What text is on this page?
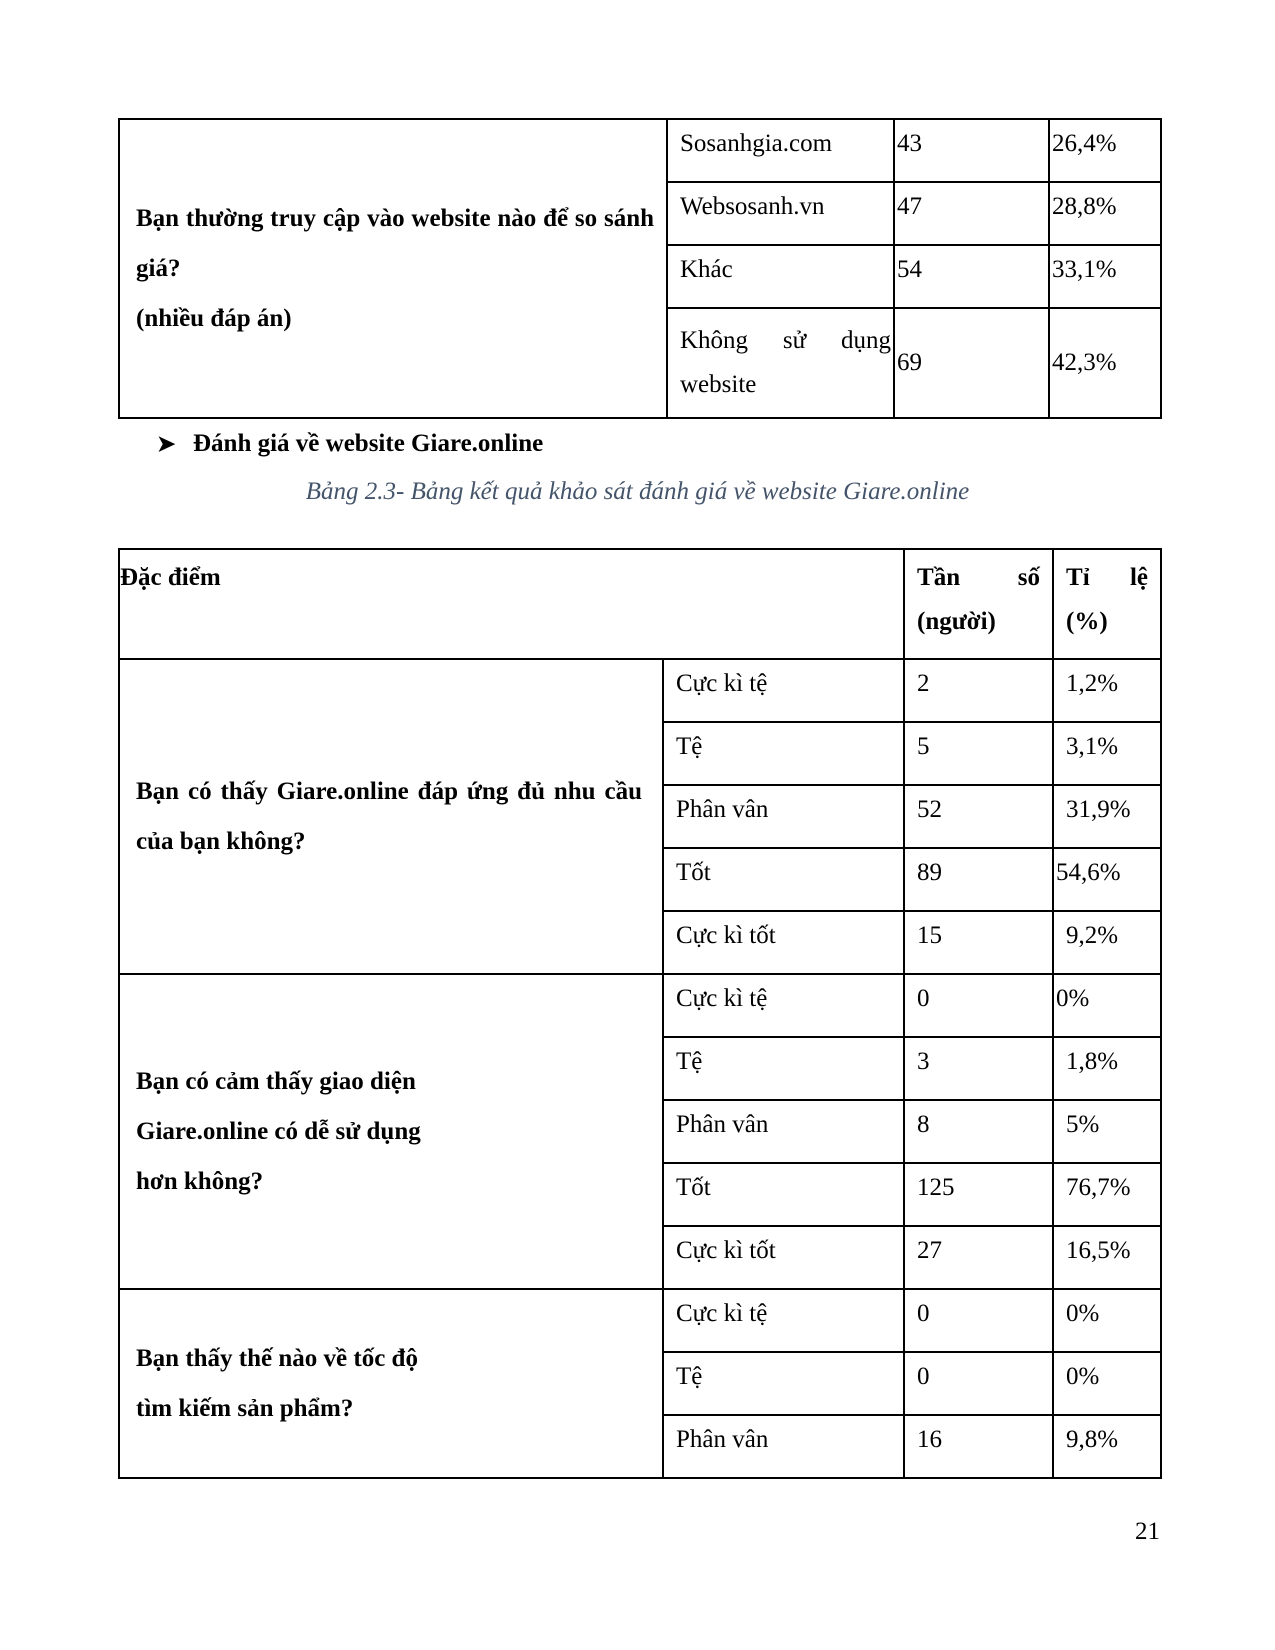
Bạn thường truy cập vào website nào để so sánh giá?
(nhiều đáp án)	Sosanhgia.com	43	26,4%
	Websosanh.vn	47	28,8%
	Khác	54	33,1%

	Không sử dụng website	69	42,3%
➤ Đánh giá về website Giare.online
Bảng 2.3- Bảng kết quả khảo sát đánh giá về website Giare.online
Đặc điểm		Tần số (người)	Tỉ lệ (%)

Bạn có thấy Giare.online đáp ứng đủ nhu cầu của bạn không?	Cực kì tệ	2	1,2%
	Tệ	5	3,1%
	Phân vân	52	31,9%
	Tốt	89	54,6%
	Cực kì tốt	15	9,2%

Bạn có cảm thấy giao diện
Giare.online có dễ sử dụng
hơn không?	Cực kì tệ	0	0%
	Tệ	3	1,8%
	Phân vân	8	5%
	Tốt	125	76,7%
	Cực kì tốt	27	16,5%

Bạn thấy thế nào về tốc độ
tìm kiếm sản phẩm?	Cực kì tệ	0	0%
	Tệ	0	0%
	Phân vân	16	9,8%
21
